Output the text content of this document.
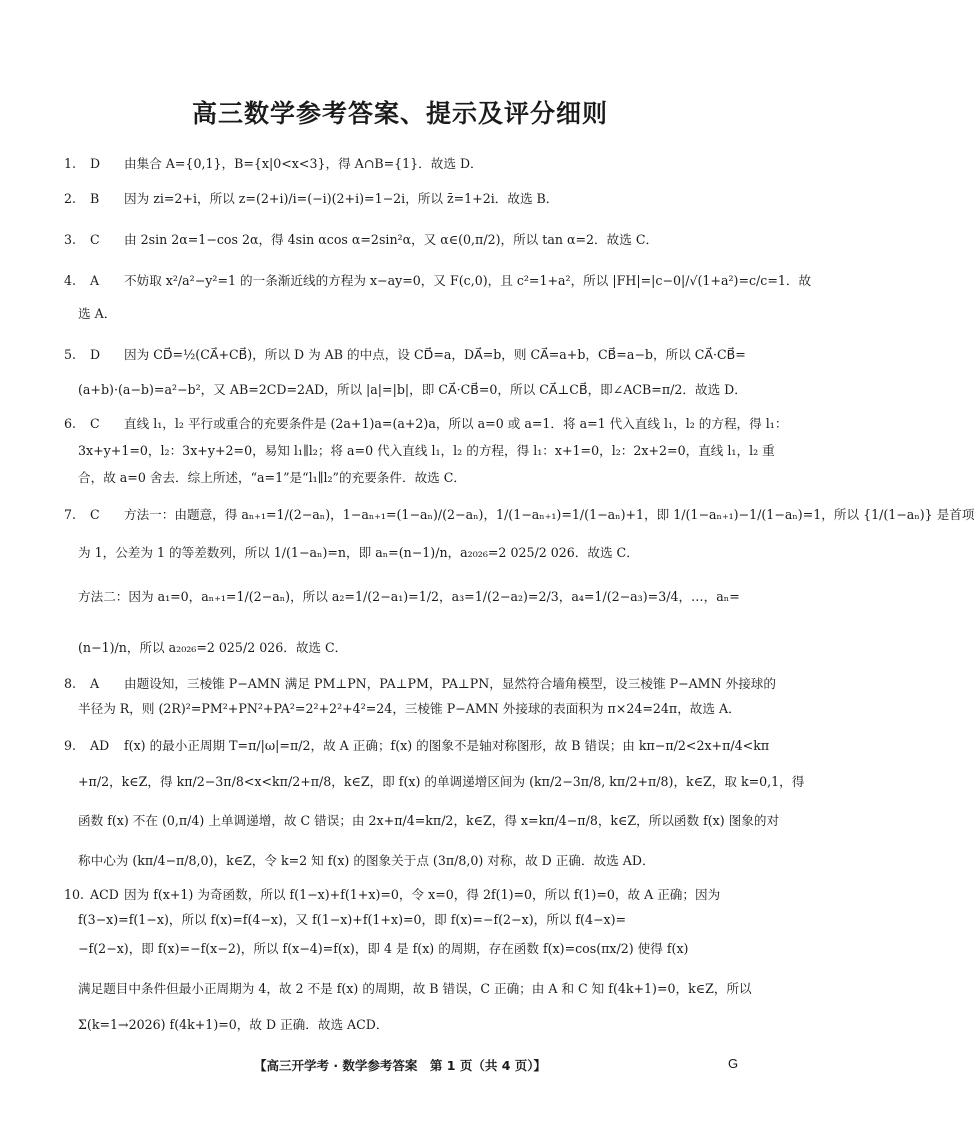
高三数学参考答案、提示及评分细则
1. D 由集合 A={0,1}，B={x|0<x<3}，得 A∩B={1}．故选 D．
2. B 因为 zi=2+i，所以 z=(2+i)/i=(−i)(2+i)=1−2i，所以 z̄=1+2i．故选 B．
3. C 由 2sin 2α=1−cos 2α，得 4sin αcos α=2sin²α，又 α∈(0,π/2)，所以 tan α=2．故选 C．
4. A 不妨取 x²/a²−y²=1 的一条渐近线的方程为 x−ay=0，又 F(c,0)，且 c²=1+a²，所以 |FH|=|c−0|/√(1+a²)=c/c=1．故
选 A．
5. D 因为 CD⃗=½(CA⃗+CB⃗)，所以 D 为 AB 的中点，设 CD⃗=a，DA⃗=b，则 CA⃗=a+b，CB⃗=a−b，所以 CA⃗·CB⃗=
(a+b)·(a−b)=a²−b²，又 AB=2CD=2AD，所以 |a|=|b|，即 CA⃗·CB⃗=0，所以 CA⃗⊥CB⃗，即∠ACB=π/2．故选 D．
6. C 直线 l₁，l₂ 平行或重合的充要条件是 (2a+1)a=(a+2)a，所以 a=0 或 a=1．将 a=1 代入直线 l₁，l₂ 的方程，得 l₁：
3x+y+1=0，l₂：3x+y+2=0，易知 l₁∥l₂；将 a=0 代入直线 l₁，l₂ 的方程，得 l₁：x+1=0，l₂：2x+2=0，直线 l₁，l₂ 重
合，故 a=0 舍去．综上所述，“a=1”是“l₁∥l₂”的充要条件．故选 C．
7. C 方法一：由题意，得 aₙ₊₁=1/(2−aₙ)，1−aₙ₊₁=(1−aₙ)/(2−aₙ)，1/(1−aₙ₊₁)=1/(1−aₙ)+1，即 1/(1−aₙ₊₁)−1/(1−aₙ)=1，所以 {1/(1−aₙ)} 是首项
为 1，公差为 1 的等差数列，所以 1/(1−aₙ)=n，即 aₙ=(n−1)/n，a₂₀₂₆=2 025/2 026．故选 C．
方法二：因为 a₁=0，aₙ₊₁=1/(2−aₙ)，所以 a₂=1/(2−a₁)=1/2，a₃=1/(2−a₂)=2/3，a₄=1/(2−a₃)=3/4，…，aₙ=
(n−1)/n，所以 a₂₀₂₆=2 025/2 026．故选 C．
8. A 由题设知，三棱锥 P−AMN 满足 PM⊥PN，PA⊥PM，PA⊥PN，显然符合墙角模型，设三棱锥 P−AMN 外接球的
半径为 R，则 (2R)²=PM²+PN²+PA²=2²+2²+4²=24，三棱锥 P−AMN 外接球的表面积为 π×24=24π，故选 A．
9. AD f(x) 的最小正周期 T=π/|ω|=π/2，故 A 正确；f(x) 的图象不是轴对称图形，故 B 错误；由 kπ−π/2<2x+π/4<kπ
+π/2，k∈Z，得 kπ/2−3π/8<x<kπ/2+π/8，k∈Z，即 f(x) 的单调递增区间为 (kπ/2−3π/8, kπ/2+π/8)，k∈Z，取 k=0,1，得
函数 f(x) 不在 (0,π/4) 上单调递增，故 C 错误；由 2x+π/4=kπ/2，k∈Z，得 x=kπ/4−π/8，k∈Z，所以函数 f(x) 图象的对
称中心为 (kπ/4−π/8,0)，k∈Z，令 k=2 知 f(x) 的图象关于点 (3π/8,0) 对称，故 D 正确．故选 AD．
10. ACD 因为 f(x+1) 为奇函数，所以 f(1−x)+f(1+x)=0，令 x=0，得 2f(1)=0，所以 f(1)=0，故 A 正确；因为
f(3−x)=f(1−x)，所以 f(x)=f(4−x)，又 f(1−x)+f(1+x)=0，即 f(x)=−f(2−x)，所以 f(4−x)=
−f(2−x)，即 f(x)=−f(x−2)，所以 f(x−4)=f(x)，即 4 是 f(x) 的周期，存在函数 f(x)=cos(πx/2) 使得 f(x)
满足题目中条件但最小正周期为 4，故 2 不是 f(x) 的周期，故 B 错误，C 正确；由 A 和 C 知 f(4k+1)=0，k∈Z，所以
Σ(k=1→2026) f(4k+1)=0，故 D 正确．故选 ACD．
【高三开学考 · 数学参考答案　第 1 页（共 4 页）】	G
